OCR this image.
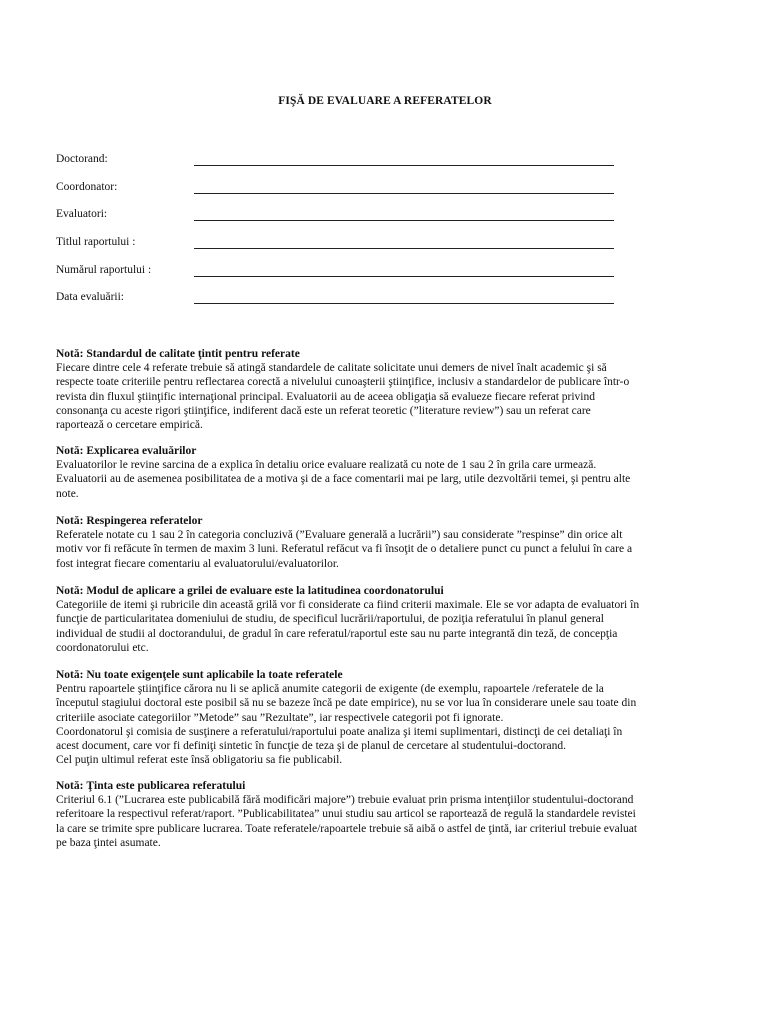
FIŞĂ DE EVALUARE A REFERATELOR
Doctorand:
Coordonator:
Evaluatori:
Titlul raportului :
Numărul raportului :
Data evaluării:
Notă: Standardul de calitate ţintit pentru referate
Fiecare dintre cele 4 referate trebuie să atingă standardele de calitate solicitate unui demers de nivel înalt academic şi să
respecte toate criteriile pentru reflectarea corectă a nivelului cunoaşterii ştiinţifice, inclusiv a standardelor de publicare într-o
revista din fluxul ştiinţific internaţional principal. Evaluatorii au de aceea obligaţia să evalueze fiecare referat privind
consonanţa cu aceste rigori ştiinţifice, indiferent dacă este un referat teoretic (”literature review”) sau un referat care
raportează o cercetare empirică.
Notă: Explicarea evaluărilor
Evaluatorilor le revine sarcina de a explica în detaliu orice evaluare realizată cu note de 1 sau 2 în grila care urmează.
Evaluatorii au de asemenea posibilitatea de a motiva şi de a face comentarii mai pe larg, utile dezvoltării temei, şi pentru alte
note.
Notă: Respingerea referatelor
Referatele notate cu 1 sau 2 în categoria concluzivă (”Evaluare generală a lucrării”) sau considerate ”respinse” din orice alt
motiv vor fi refăcute în termen de maxim 3 luni. Referatul refăcut va fi însoţit de o detaliere punct cu punct a felului în care a
fost integrat fiecare comentariu al evaluatorului/evaluatorilor.
Notă: Modul de aplicare a grilei de evaluare este la latitudinea coordonatorului
Categoriile de itemi şi rubricile din această grilă vor fi considerate ca fiind criterii maximale. Ele se vor adapta de evaluatori în
funcţie de particularitatea domeniului de studiu, de specificul lucrării/raportului, de poziţia referatului în planul general
individual de studii al doctorandului, de gradul în care referatul/raportul este sau nu parte integrantă din teză, de concepţia
coordonatorului etc.
Notă: Nu toate exigenţele sunt aplicabile la toate referatele
Pentru rapoartele ştiinţifice cărora nu li se aplică anumite categorii de exigente (de exemplu, rapoartele /referatele de la
începutul stagiului doctoral este posibil să nu se bazeze încă pe date empirice), nu se vor lua în considerare unele sau toate din
criteriile asociate categoriilor ”Metode” sau ”Rezultate”, iar respectivele categorii pot fi ignorate.
Coordonatorul şi comisia de susţinere a referatului/raportului poate analiza şi itemi suplimentari, distincţi de cei detaliaţi în
acest document, care vor fi definiţi sintetic în funcţie de teza şi de planul de cercetare al studentului-doctorand.
Cel puţin ultimul referat este însă obligatoriu sa fie publicabil.
Notă: Ţinta este publicarea referatului
Criteriul 6.1 (”Lucrarea este publicabilă fără modificări majore”) trebuie evaluat prin prisma intenţiilor studentului-doctorand
referitoare la respectivul referat/raport. ”Publicabilitatea” unui studiu sau articol se raportează de regulă la standardele revistei
la care se trimite spre publicare lucrarea. Toate referatele/rapoartele trebuie să aibă o astfel de ţintă, iar criteriul trebuie evaluat
pe baza ţintei asumate.
